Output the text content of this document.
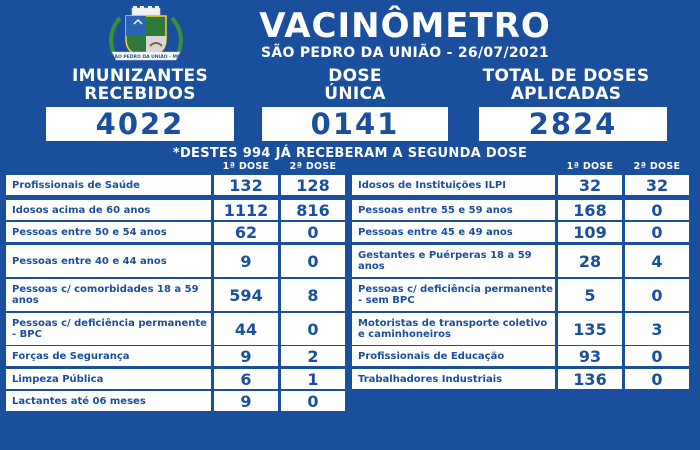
SÃO PEDRO DA UNIÃO - MG
VACINÔMETRO
SÃO PEDRO DA UNIÃO - 26/07/2021
IMUNIZANTES RECEBIDOS
4022
DOSE ÚNICA
0141
TOTAL DE DOSES APLICADAS
2824
*DESTES 994 JÁ RECEBERAM A SEGUNDA DOSE
1ª DOSE	2ª DOSE	1ª DOSE	2ª DOSE
Profissionais de Saúde	132	128
Idosos acima de 60 anos	1112	816
Pessoas entre 50 e 54 anos	62	0
Pessoas entre 40 e 44 anos	9	0
Pessoas c/ comorbidades 18 a 59 anos	594	8
Pessoas c/ deficiência permanente - BPC	44	0
Forças de Segurança	9	2
Limpeza Pública	6	1
Lactantes até 06 meses	9	0
Idosos de Instituições ILPI	32	32
Pessoas entre 55 e 59 anos	168	0
Pessoas entre 45 e 49 anos	109	0
Gestantes e Puérperas 18 a 59 anos	28	4
Pessoas c/ deficiência permanente - sem BPC	5	0
Motoristas de transporte coletivo e caminhoneiros	135	3
Profissionais de Educação	93	0
Trabalhadores Industriais	136	0
